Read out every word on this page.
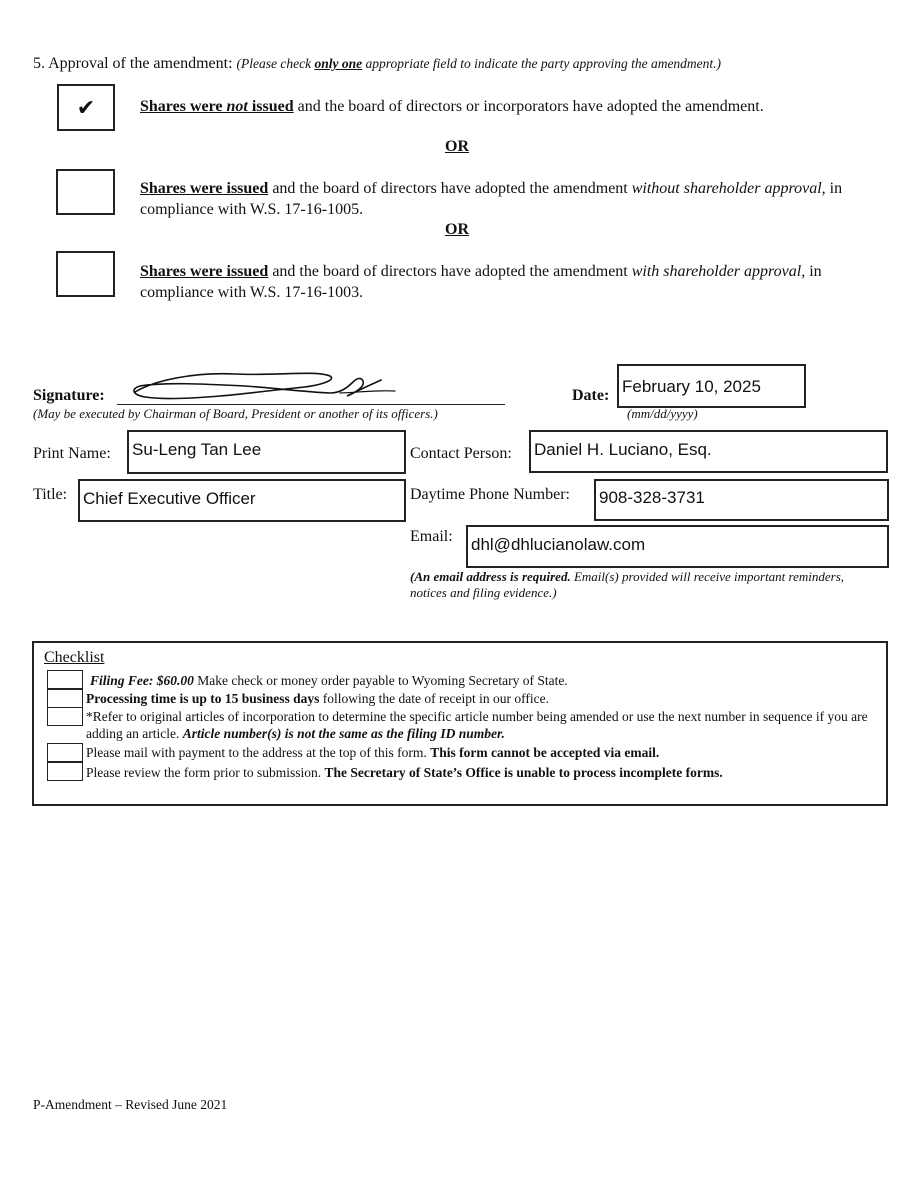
5. Approval of the amendment: (Please check only one appropriate field to indicate the party approving the amendment.)
✔	Shares were not issued and the board of directors or incorporators have adopted the amendment.
OR
Shares were issued and the board of directors have adopted the amendment without shareholder approval, in compliance with W.S. 17-16-1005.
OR
Shares were issued and the board of directors have adopted the amendment with shareholder approval, in compliance with W.S. 17-16-1003.
Signature:
(May be executed by Chairman of Board, President or another of its officers.)
Date: February 10, 2025
(mm/dd/yyyy)
Print Name: Su-Leng Tan Lee	Contact Person: Daniel H. Luciano, Esq.
Title: Chief Executive Officer	Daytime Phone Number: 908-328-3731
Email: dhl@dhlucianolaw.com
(An email address is required. Email(s) provided will receive important reminders, notices and filing evidence.)
Checklist
Filing Fee: $60.00 Make check or money order payable to Wyoming Secretary of State.
Processing time is up to 15 business days following the date of receipt in our office.
*Refer to original articles of incorporation to determine the specific article number being amended or use the next number in sequence if you are adding an article. Article number(s) is not the same as the filing ID number.
Please mail with payment to the address at the top of this form. This form cannot be accepted via email.
Please review the form prior to submission. The Secretary of State’s Office is unable to process incomplete forms.
P-Amendment – Revised June 2021
